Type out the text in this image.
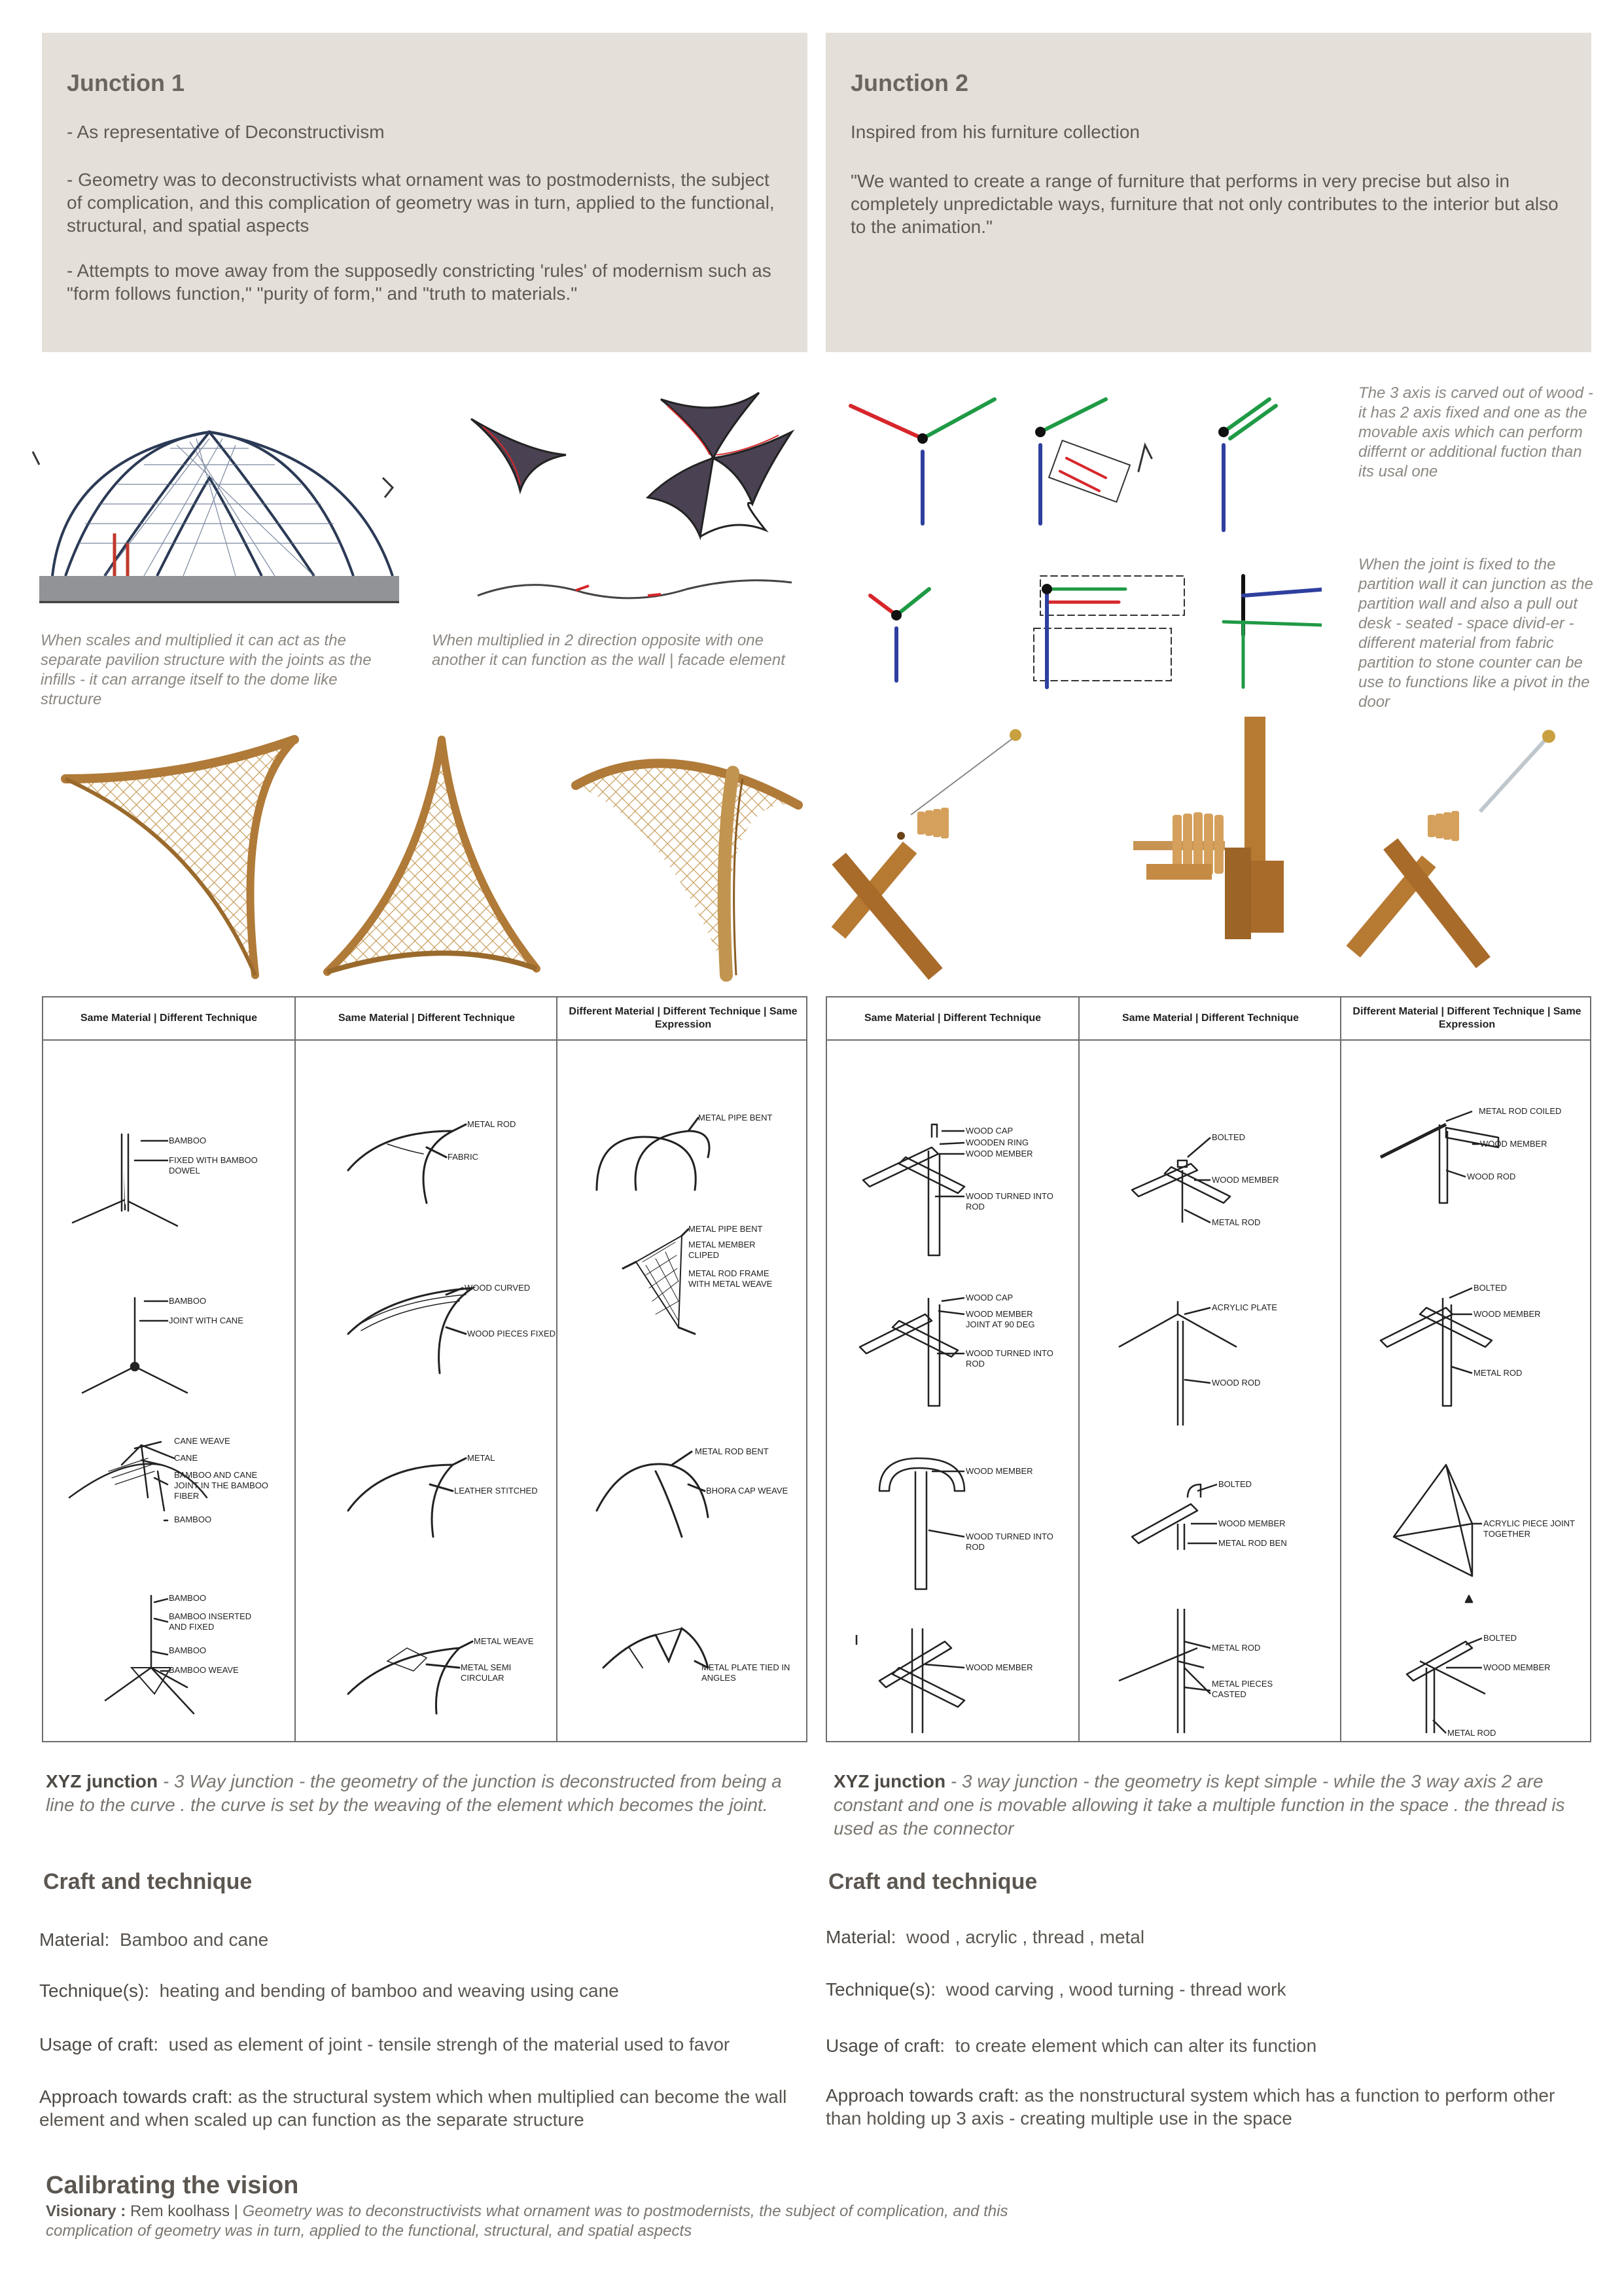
Junction 1

- As representative of Deconstructivism

- Geometry was to deconstructivists what ornament was to postmodernists, the subject of complication, and this complication of geometry was in turn, applied to the functional, structural, and spatial aspects

- Attempts to move away from the supposedly constricting 'rules' of modernism such as "form follows function," "purity of form," and "truth to materials."

Junction 2

Inspired from his furniture collection

"We wanted to create a range of furniture that performs in very precise but also in completely unpredictable ways, furniture that not only contributes to the interior but also to the animation."

When scales and multiplied it can act as the separate pavilion structure with the joints as the infills - it can arrange itself to the dome like structure
When multiplied in 2 direction opposite with one another it can function as the wall | facade element
The 3 axis is carved out of wood - it has 2 axis fixed and one as the movable axis which can perform differnt or additional fuction than its usal one
When the joint is fixed to the partition wall it can junction as the partition wall and also a pull out desk - seated - space divid-er - different material from fabric partition to stone counter can be use to functions like a pivot in the door
Same Material | Different Technique
BAMBOO
FIXED WITH BAMBOO
DOWEL
BAMBOO
JOINT WITH CANE
CANE WEAVE
CANE
BAMBOO AND CANE
JOINT IN THE BAMBOO
FIBER
BAMBOO
BAMBOO
BAMBOO INSERTED
AND FIXED
BAMBOO
BAMBOO WEAVE
Same Material | Different Technique
METAL ROD
FABRIC
WOOD CURVED
WOOD PIECES FIXED
METAL
LEATHER STITCHED
METAL WEAVE
METAL SEMI
CIRCULAR
Different Material | Different Technique | Same Expression
METAL PIPE BENT
METAL PIPE BENT
METAL MEMBER
CLIPED
METAL ROD FRAME
WITH METAL WEAVE
METAL ROD BENT
BHORA CAP WEAVE
METAL PLATE TIED IN
ANGLES
Same Material | Different Technique
WOOD CAP
WOODEN RING
WOOD MEMBER
WOOD TURNED INTO
ROD
WOOD CAP
WOOD MEMBER
JOINT AT 90 DEG
WOOD TURNED INTO
ROD
WOOD MEMBER
WOOD TURNED INTO
ROD
WOOD MEMBER
Same Material | Different Technique
BOLTED
WOOD MEMBER
METAL ROD
ACRYLIC PLATE
WOOD ROD
BOLTED
WOOD MEMBER
METAL ROD BEN
METAL ROD
METAL PIECES
CASTED
Different Material | Different Technique | Same Expression
METAL ROD COILED
WOOD MEMBER
WOOD ROD
BOLTED
WOOD MEMBER
METAL ROD
ACRYLIC PIECE JOINT
TOGETHER
BOLTED
WOOD MEMBER
METAL ROD
XYZ junction - 3 Way junction - the geometry of the junction is deconstructed from being a line to the curve . the curve is set by the weaving of the element which becomes the joint.
XYZ junction - 3 way junction - the geometry is kept simple - while the 3 way axis 2 are constant and one is movable allowing it take a multiple function in the space . the thread is used as the connector
Craft and technique
Material: Bamboo and cane
Technique(s): heating and bending of bamboo and weaving using cane
Usage of craft: used as element of joint - tensile strengh of the material used to favor
Approach towards craft: as the structural system which when multiplied can become the wall element and when scaled up can function as the separate structure
Craft and technique
Material: wood , acrylic , thread , metal
Technique(s): wood carving , wood turning - thread work
Usage of craft: to create element which can alter its function
Approach towards craft: as the nonstructural system which has a function to perform other than holding up 3 axis - creating multiple use in the space
Calibrating the vision
Visionary : Rem koolhass | Geometry was to deconstructivists what ornament was to postmodernists, the subject of complication, and this complication of geometry was in turn, applied to the functional, structural, and spatial aspects
